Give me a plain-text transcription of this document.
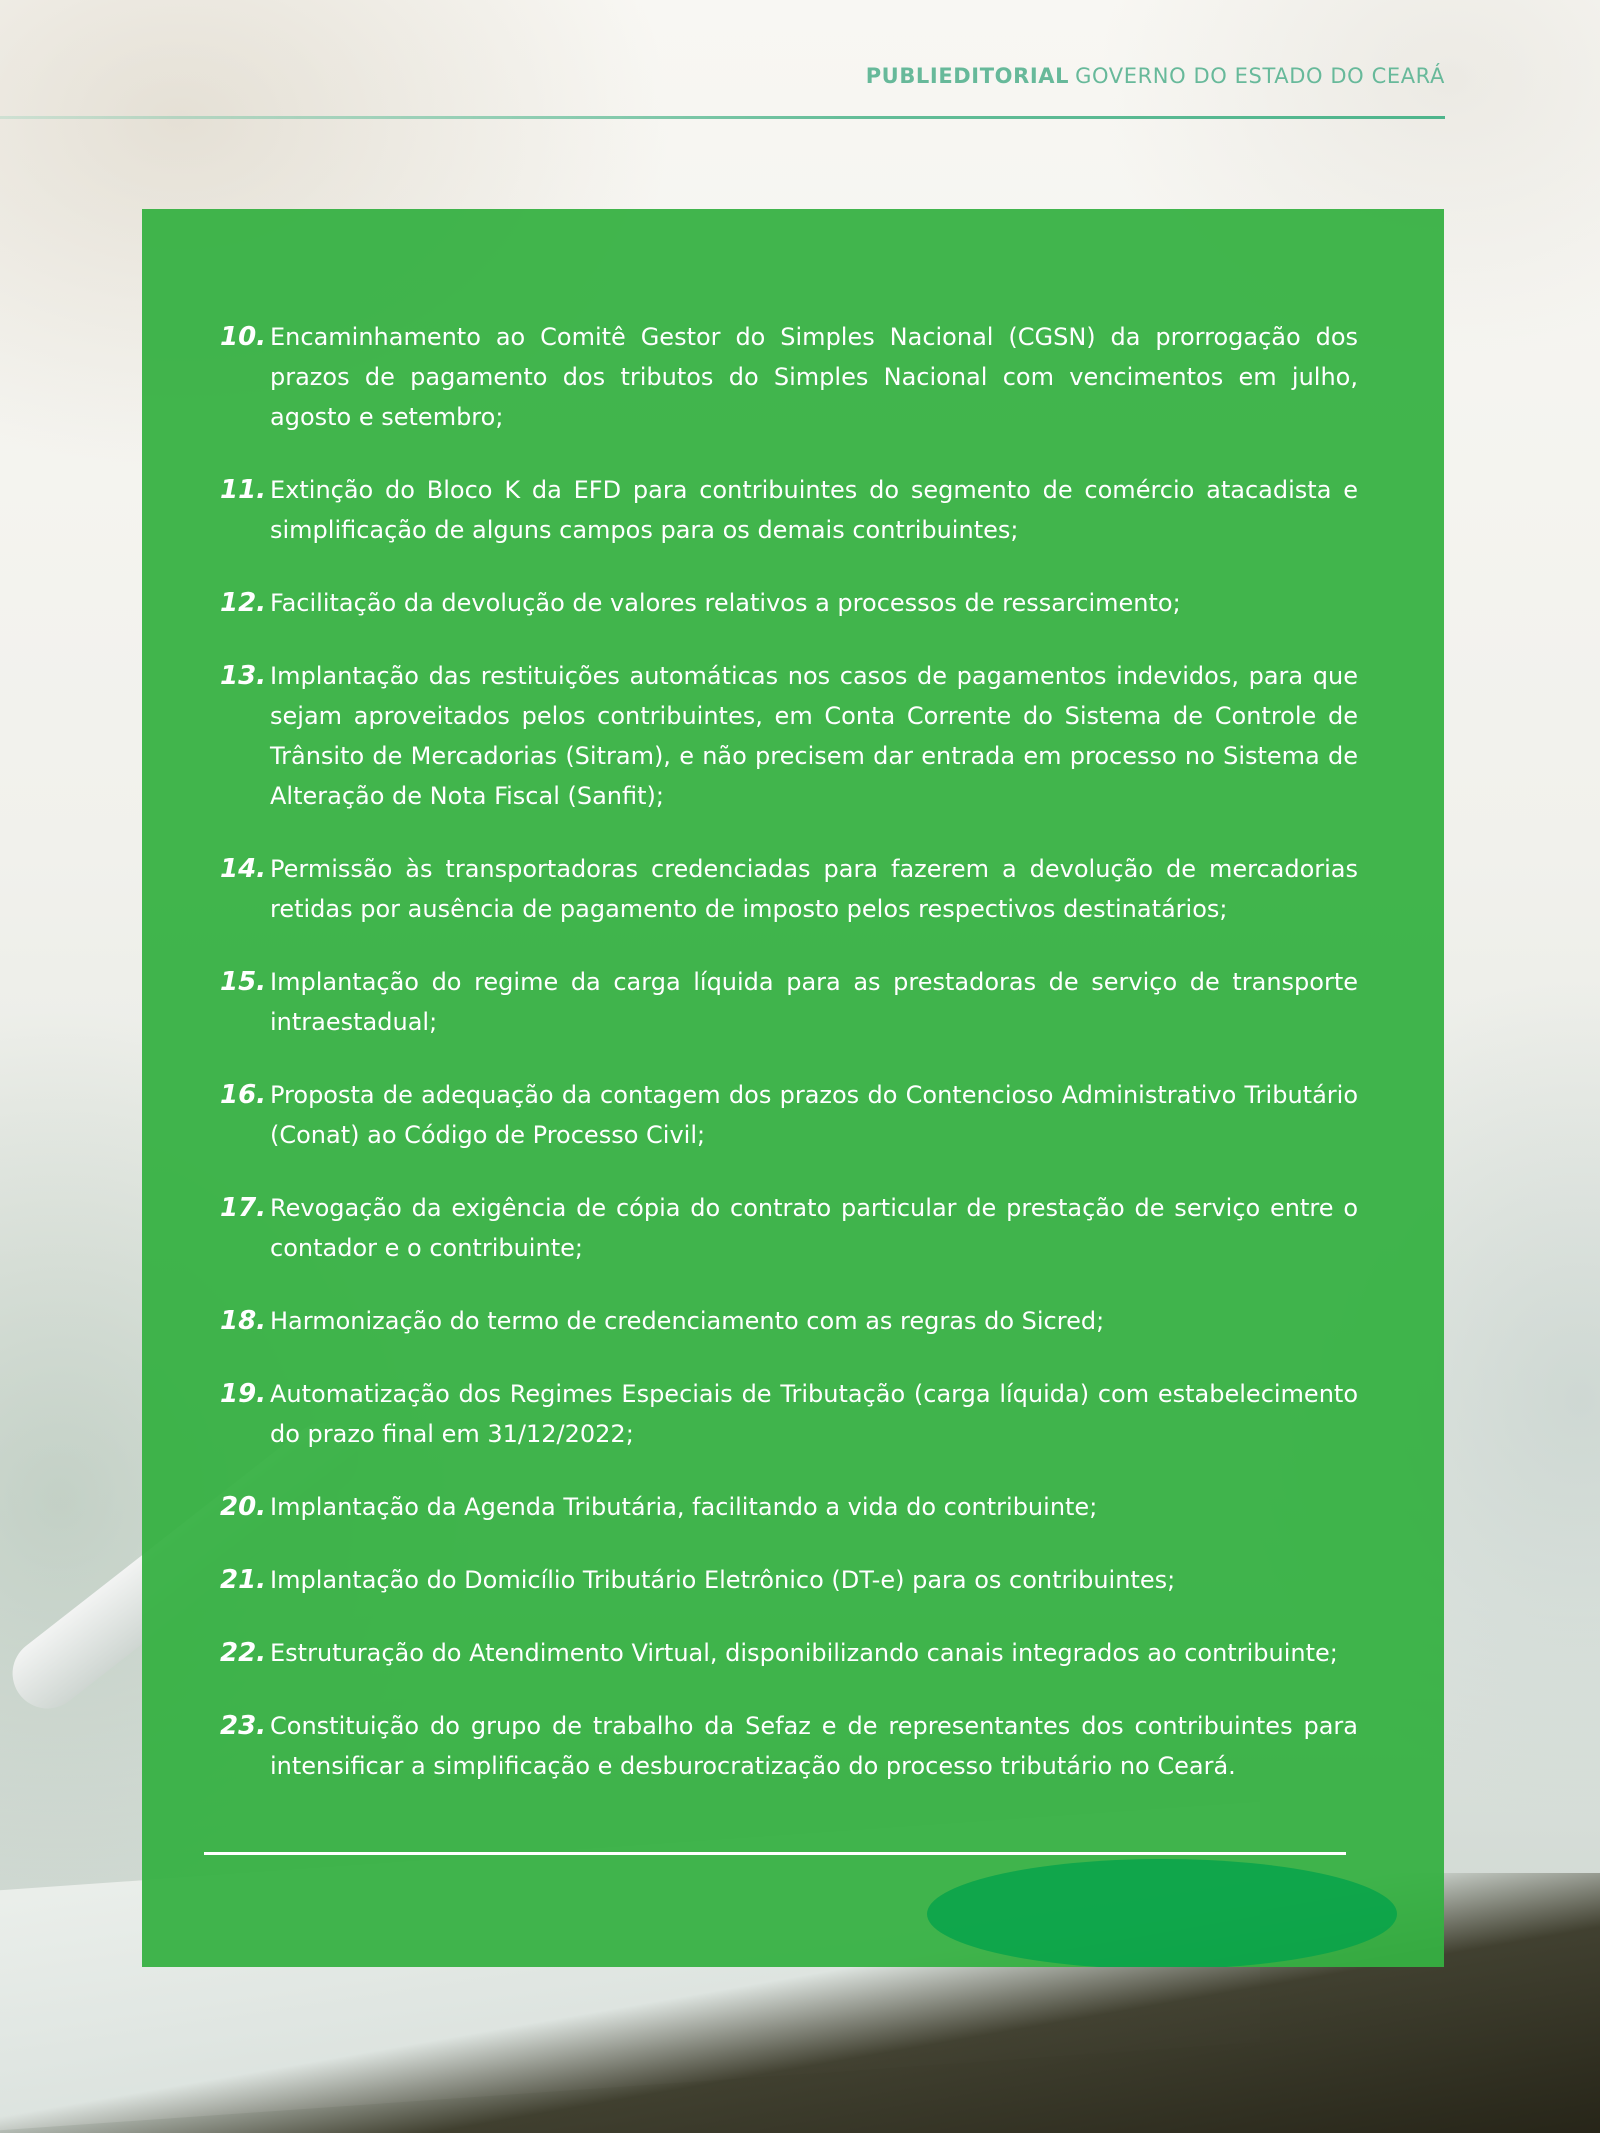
PUBLIEDITORIAL GOVERNO DO ESTADO DO CEARÁ
10. Encaminhamento ao Comitê Gestor do Simples Nacional (CGSN) da prorrogação dos prazos de pagamento dos tributos do Simples Nacional com vencimentos em julho, agosto e setembro;
11. Extinção do Bloco K da EFD para contribuintes do segmento de comércio atacadista e simplificação de alguns campos para os demais contribuintes;
12. Facilitação da devolução de valores relativos a processos de ressarcimento;
13. Implantação das restituições automáticas nos casos de pagamentos indevidos, para que sejam aproveitados pelos contribuintes, em Conta Corrente do Sistema de Controle de Trânsito de Mercadorias (Sitram), e não precisem dar entrada em processo no Sistema de Alteração de Nota Fiscal (Sanfit);
14. Permissão às transportadoras credenciadas para fazerem a devolução de mercadorias retidas por ausência de pagamento de imposto pelos respectivos destinatários;
15. Implantação do regime da carga líquida para as prestadoras de serviço de transporte intraestadual;
16. Proposta de adequação da contagem dos prazos do Contencioso Administrativo Tributário (Conat) ao Código de Processo Civil;
17. Revogação da exigência de cópia do contrato particular de prestação de serviço entre o contador e o contribuinte;
18. Harmonização do termo de credenciamento com as regras do Sicred;
19. Automatização dos Regimes Especiais de Tributação (carga líquida) com estabelecimento do prazo final em 31/12/2022;
20. Implantação da Agenda Tributária, facilitando a vida do contribuinte;
21. Implantação do Domicílio Tributário Eletrônico (DT-e) para os contribuintes;
22. Estruturação do Atendimento Virtual, disponibilizando canais integrados ao contribuinte;
23. Constituição do grupo de trabalho da Sefaz e de representantes dos contribuintes para intensificar a simplificação e desburocratização do processo tributário no Ceará.
